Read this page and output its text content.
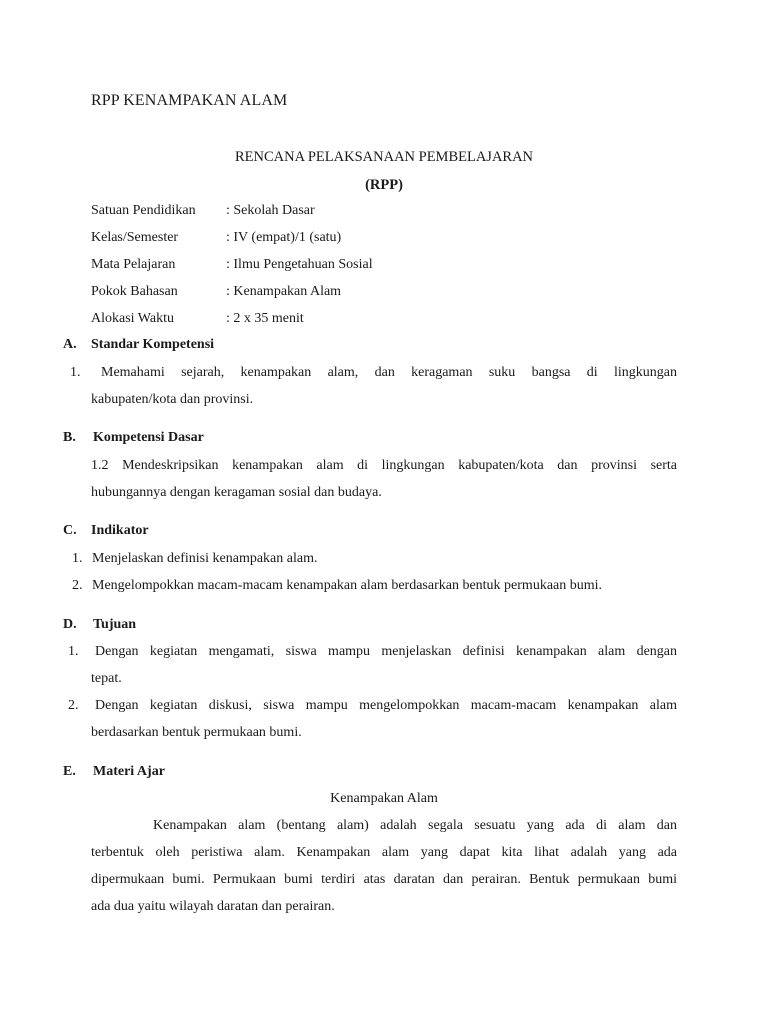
RPP KENAMPAKAN ALAM
RENCANA PELAKSANAAN PEMBELAJARAN
(RPP)
Satuan Pendidikan : Sekolah Dasar
Kelas/Semester	: IV (empat)/1 (satu)
Mata Pelajaran	: Ilmu Pengetahuan Sosial
Pokok Bahasan	: Kenampakan Alam
Alokasi Waktu	: 2 x 35 menit
A. Standar Kompetensi
1. Memahami sejarah, kenampakan alam, dan keragaman suku bangsa di lingkungan
kabupaten/kota dan provinsi.
B. Kompetensi Dasar
1.2 Mendeskripsikan kenampakan alam di lingkungan kabupaten/kota dan provinsi serta
hubungannya dengan keragaman sosial dan budaya.
C. Indikator
1. Menjelaskan definisi kenampakan alam.
2. Mengelompokkan macam-macam kenampakan alam berdasarkan bentuk permukaan bumi.
D. Tujuan
1. Dengan kegiatan mengamati, siswa mampu menjelaskan definisi kenampakan alam dengan
tepat.
2. Dengan kegiatan diskusi, siswa mampu mengelompokkan macam-macam kenampakan alam
berdasarkan bentuk permukaan bumi.
E. Materi Ajar
Kenampakan Alam
Kenampakan alam (bentang alam) adalah segala sesuatu yang ada di alam dan
terbentuk oleh peristiwa alam. Kenampakan alam yang dapat kita lihat adalah yang ada
dipermukaan bumi. Permukaan bumi terdiri atas daratan dan perairan. Bentuk permukaan bumi
ada dua yaitu wilayah daratan dan perairan.
